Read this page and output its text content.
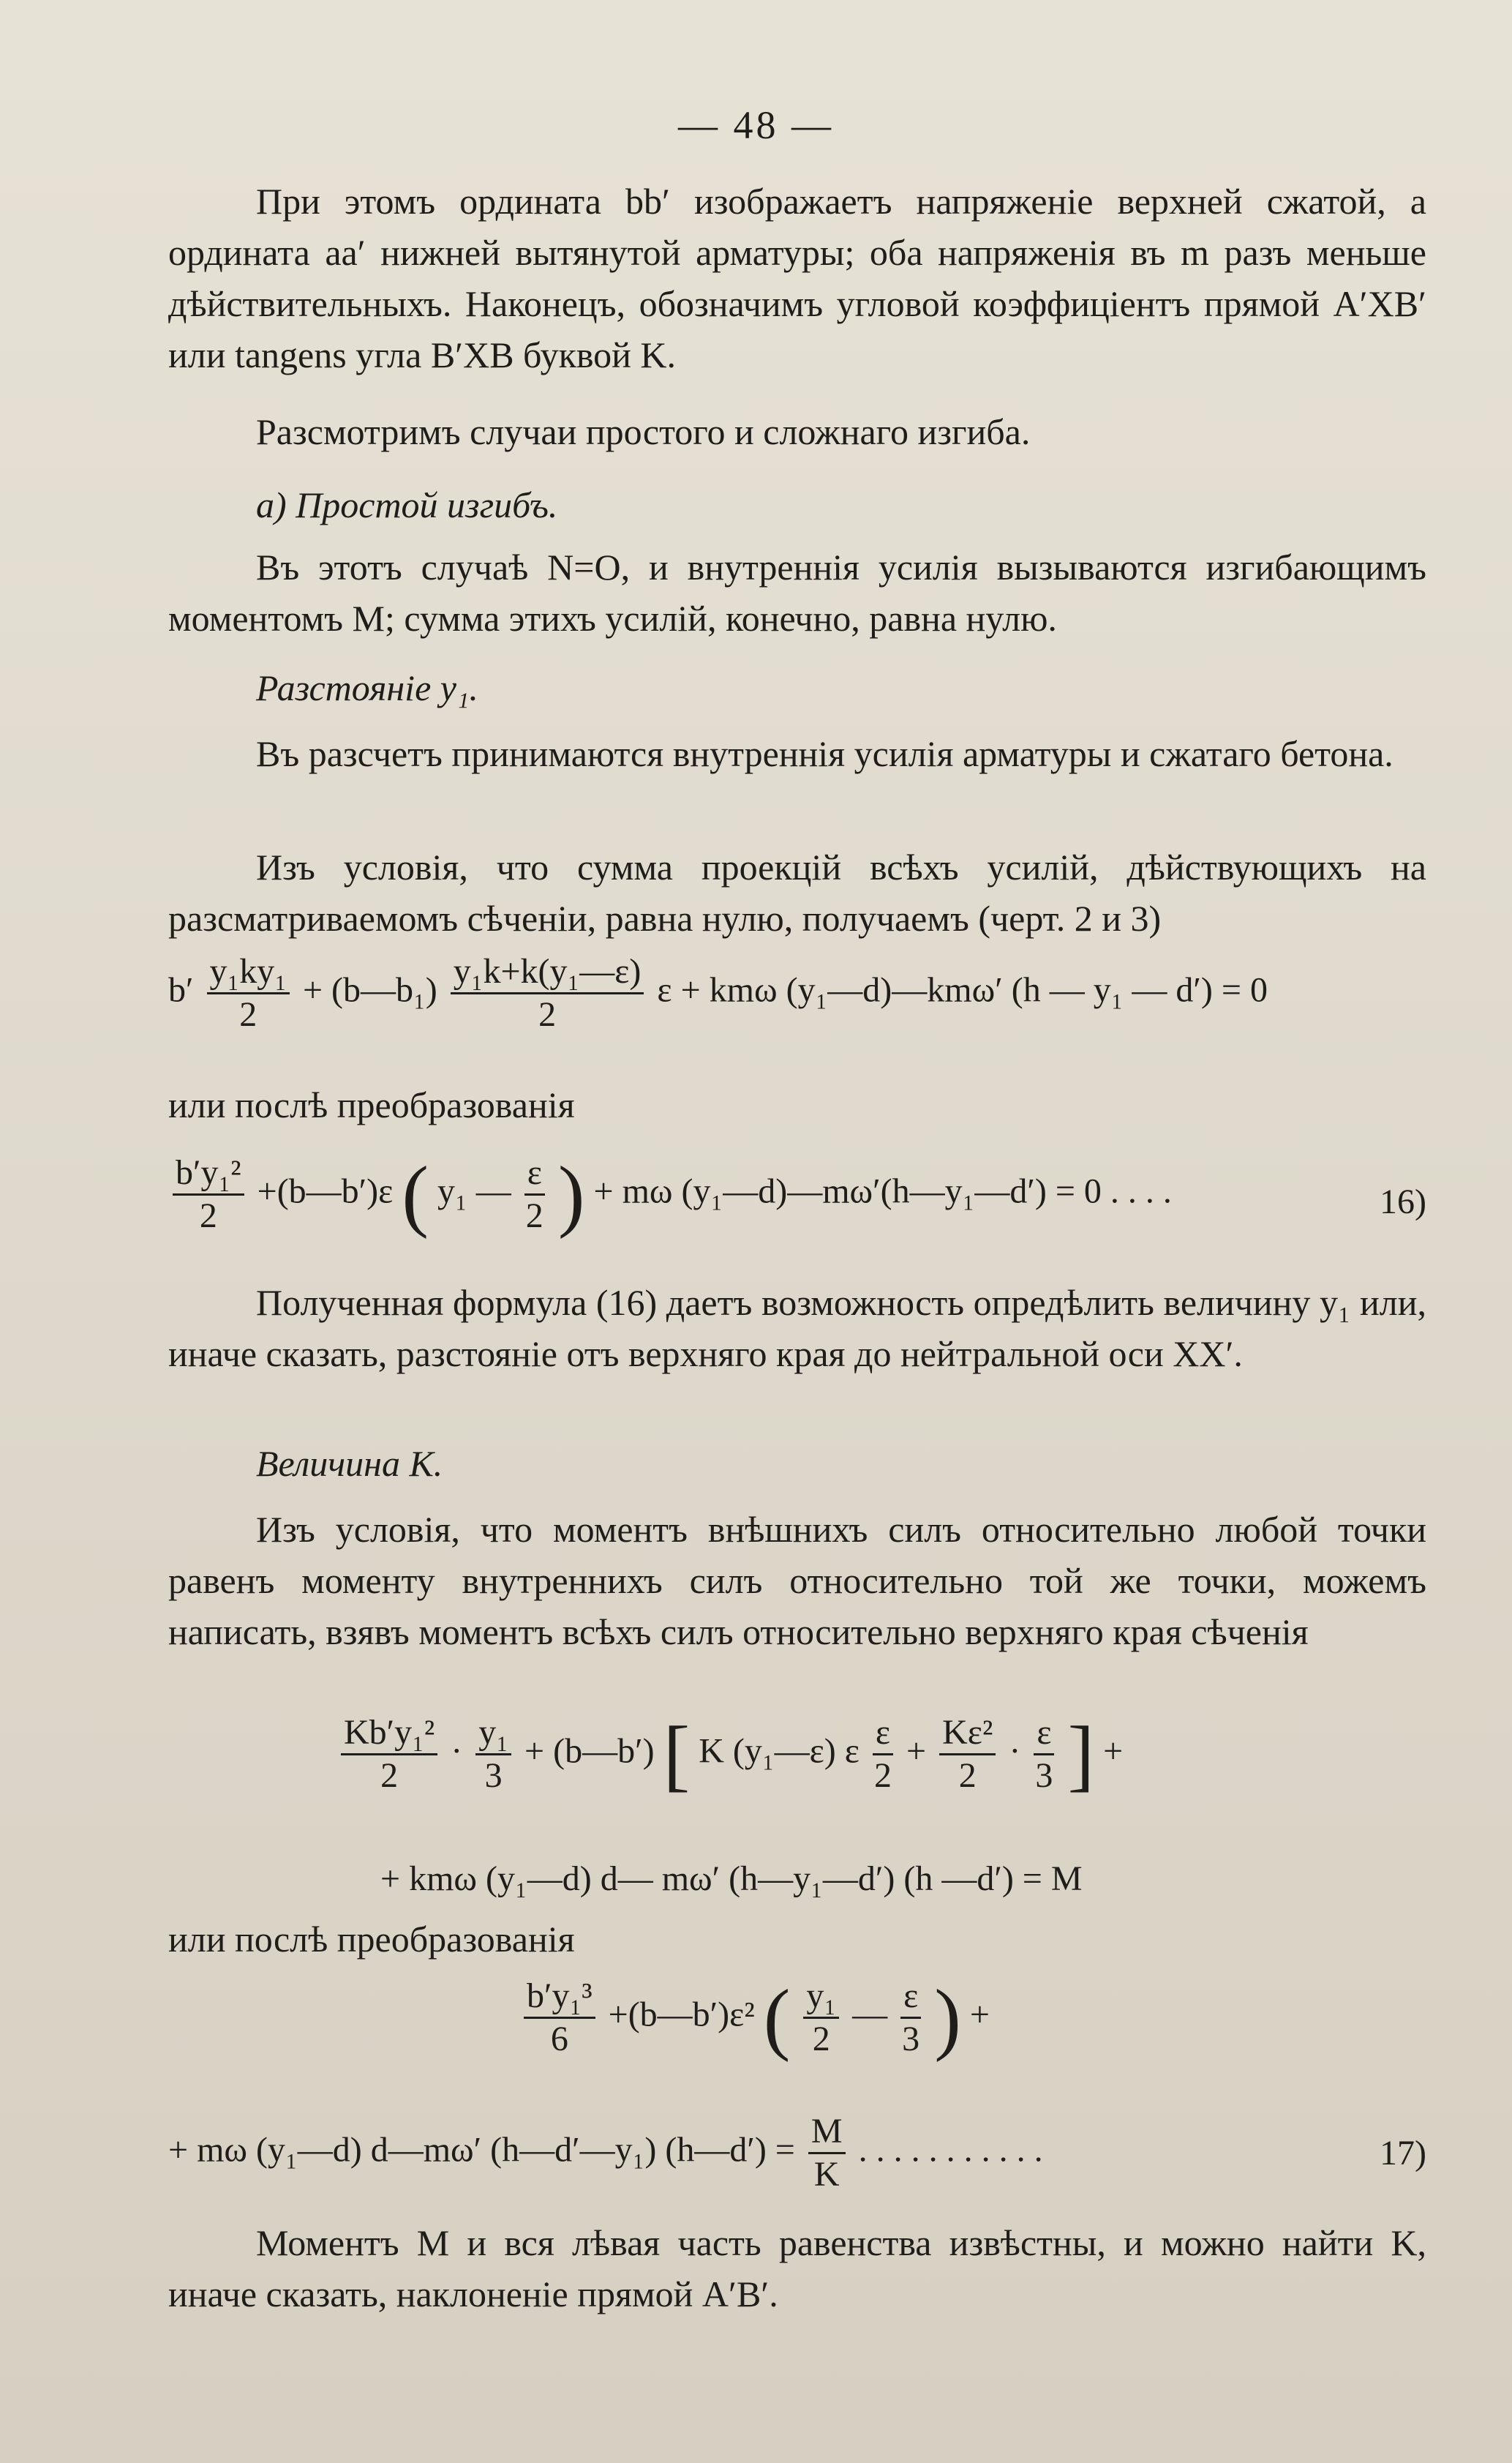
— 48 —

При этомъ ордината bb′ изображаетъ напряженіе верхней сжатой, а ордината aa′ нижней вытянутой арматуры; оба напряженія въ m разъ меньше дѣйствительныхъ. Наконецъ, обозначимъ угловой коэффиціентъ прямой A′XB′ или tangens угла B′XB буквой K.

Разсмотримъ случаи простого и сложнаго изгиба.

а) Простой изгибъ.

Въ этотъ случаѣ N=O, и внутреннія усилія вызываются изгибающимъ моментомъ M; сумма этихъ усилій, конечно, равна нулю.

Разстояніе y₁.

Въ разсчетъ принимаются внутреннія усилія арматуры и сжатаго бетона.

Изъ условія, что сумма проекцій всѣхъ усилій, дѣйствующихъ на разсматриваемомъ сѣченіи, равна нулю, получаемъ (черт. 2 и 3)

$b' \frac{\text{y₁ky₁}}{2}$ + (b—b₁) $\frac{\text{y₁k+k(y₁—ε)}}{2}$ ε + kmω (y₁—d)—kmω′ (h — y₁ — d′) = 0

или послѣ преобразованія

$\frac{\text{b′y₁²}}{2}$ +(b—b′)ε ( y₁ — $\frac{\varepsilon}{2}$ ) + mω (y₁—d)—mω′(h—y₁—d′) = 0 . . . .	16)

Полученная формула (16) даетъ возможность опредѣлить величину y₁ или, иначе сказать, разстояніе отъ верхняго края до нейтральной оси XX′.

Величина K.

Изъ условія, что моментъ внѣшнихъ силъ относительно любой точки равенъ моменту внутреннихъ силъ относительно той же точки, можемъ написать, взявъ моментъ всѣхъ силъ относительно верхняго края сѣченія

$\frac{\text{Kb′y₁²}}{2} \cdot \frac{\text{y₁}}{3}$ + (b—b′) [ K (y₁—ε) ε $\frac{\varepsilon}{2} + \frac{\text{Kε²}}{2} \cdot \frac{\varepsilon}{3}$ ] +
+ kmω (y₁—d) d— mω′ (h—y₁—d′) (h —d′) = M

или послѣ преобразованія

$\frac{\text{b′y₁³}}{6}$ +(b—b′)ε² ( $\frac{\text{y₁}}{2}$ — $\frac{\varepsilon}{3}$ ) +
+ mω (y₁—d) d—mω′ (h—d′—y₁) (h—d′) = $\frac{M}{K}$ . . . . . . . . . . .	17)

Моментъ M и вся лѣвая часть равенства извѣстны, и можно найти K, иначе сказать, наклоненіе прямой A′B′.
